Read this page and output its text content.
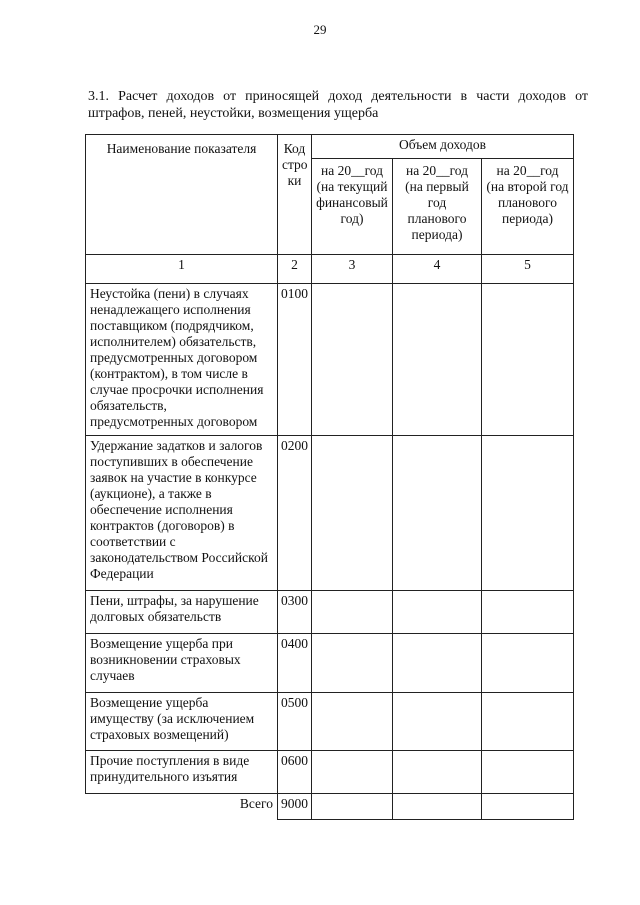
29
3.1. Расчет доходов от приносящей доход деятельности в части доходов от штрафов, пеней, неустойки, возмещения ущерба
Наименование показателя	Код стро ки	Объем доходов		
		на 20__год (на текущий финансовый год)	на 20__год (на первый год планового периода)	на 20__год (на второй год планового периода)
1	2	3	4	5
Неустойка (пени) в случаях ненадлежащего исполнения поставщиком (подрядчиком, исполнителем) обязательств, предусмотренных договором (контрактом), в том числе в случае просрочки исполнения обязательств, предусмотренных договором	0100			
Удержание задатков и залогов поступивших в обеспечение заявок на участие в конкурсе (аукционе), а также в обеспечение исполнения контрактов (договоров) в соответствии с законодательством Российской Федерации	0200			
Пени, штрафы, за нарушение долговых обязательств	0300			
Возмещение ущерба при возникновении страховых случаев	0400			
Возмещение ущерба имуществу (за исключением страховых возмещений)	0500			
Прочие поступления в виде принудительного изъятия	0600			
Всего	9000			
